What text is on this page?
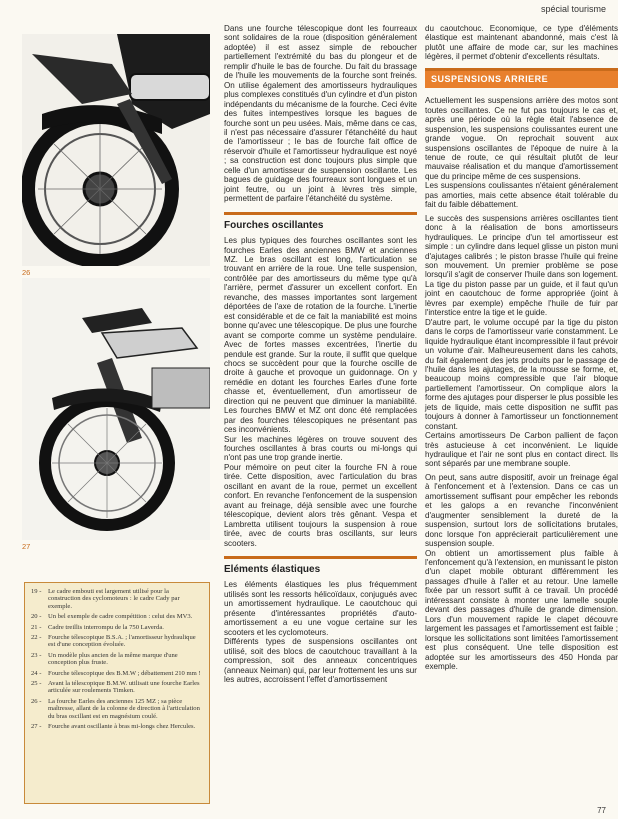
spécial tourisme
26
27
19 - Le cadre embouti est largement utilisé pour la construction des cyclomoteurs : le cadre Cady par exemple.
20 - Un bel exemple de cadre compétition : celui des MV3.
21 - Cadre treillis interrompu de la 750 Laverda.
22 - Fourche télescopique B.S.A. ; l'amortisseur hydraulique est d'une conception évoluée.
23 - Un modèle plus ancien de la même marque d'une conception plus fruste.
24 - Fourche télescopique des B.M.W ; débattement 210 mm !
25 - Avant la télescopique B.M.W. utilisait une fourche Earles articulée sur roulements Timken.
26 - La fourche Earles des anciennes 125 MZ ; sa pièce maîtresse, allant de la colonne de direction à l'articulation du bras oscillant est en magnésium coulé.
27 - Fourche avant oscillante à bras mi-longs chez Hercules.

Dans une fourche télescopique dont les fourreaux sont solidaires de la roue (disposition généralement adoptée) il est assez simple de reboucher partiellement l'extrémité du bas du plongeur et de remplir d'huile le bas de fourche. Du fait du brassage de l'huile les mouvements de la fourche sont freinés. On utilise également des amortisseurs hydrauliques plus complexes constitués d'un cylindre et d'un piston indépendants du mécanisme de la fourche. Ceci évite des fuites intempestives lorsque les bagues de fourche sont un peu usées. Mais, même dans ce cas, il n'est pas nécessaire d'assurer l'étanchéité du haut de l'amortisseur ; le bas de fourche fait office de réservoir d'huile et l'amortisseur hydraulique est noyé ; sa construction est donc toujours plus simple que celle d'un amortisseur de suspension oscillante. Les bagues de guidage des fourreaux sont longues et un joint feutre, ou un joint à lèvres très simple, permettent de parfaire l'étanchéité du système.

Fourches oscillantes

Les plus typiques des fourches oscillantes sont les fourches Earles des anciennes BMW et anciennes MZ. Le bras oscillant est long, l'articulation se trouvant en arrière de la roue. Une telle suspension, contrôlée par des amortisseurs du même type qu'à l'arrière, permet d'assurer un excellent confort. En revanche, des masses importantes sont largement déportées de l'axe de rotation de la fourche. L'inertie est considérable et de ce fait la maniabilité est moins bonne qu'avec une télescopique. De plus une fourche avant se comporte comme un système pendulaire. Avec de fortes masses excentrées, l'inertie du pendule est grande. Sur la route, il suffit que quelque chocs se succèdent pour que la fourche oscille de droite à gauche et provoque un guidonnage. On y remédie en dotant les fourches Earles d'une forte chasse et, éventuellement, d'un amortisseur de direction qui ne peuvent que diminuer la maniabilité. Les fourches BMW et MZ ont donc été remplacées par des fourches télescopiques ne présentant pas ces inconvénients.

Sur les machines légères on trouve souvent des fourches oscillantes à bras courts ou mi-longs qui n'ont pas une trop grande inertie.

Pour mémoire on peut citer la fourche FN à roue tirée. Cette disposition, avec l'articulation du bras oscillant en avant de la roue, permet un excellent confort. En revanche l'enfoncement de la suspension avant au freinage, déjà sensible avec une fourche télescopique, devient alors très gênant. Vespa et Lambretta utilisent toujours la suspension à roue tirée, avec de courts bras oscillants, sur leurs scooters.

Eléments élastiques

Les éléments élastiques les plus fréquemment utilisés sont les ressorts hélicoïdaux, conjugués avec un amortissement hydraulique. Le caoutchouc qui présente d'intéressantes propriétés d'auto-amortissement a eu une vogue certaine sur les scooters et les cyclomoteurs.

Différents types de suspensions oscillantes ont utilisé, soit des blocs de caoutchouc travaillant à la compression, soit des anneaux concentriques (anneaux Neiman) qui, par leur frottement les uns sur les autres, accroissent l'effet d'amortissement

du caoutchouc. Economique, ce type d'éléments élastique est maintenant abandonné, mais c'est là plutôt une affaire de mode car, sur les machines légères, il permet d'obtenir d'excellents résultats.

SUSPENSIONS ARRIERE

Actuellement les suspensions arrière des motos sont toutes oscillantes. Ce ne fut pas toujours le cas et, après une période où la règle était l'absence de suspension, les suspensions coulissantes eurent une grande vogue. On reprochait souvent aux suspensions oscillantes de l'époque de nuire à la tenue de route, ce qui résultait plutôt de leur mauvaise réalisation et du manque d'amortissement que du principe même de ces suspensions.

Les suspensions coulissantes n'étaient généralement pas amorties, mais cette absence était tolérable du fait du faible débattement.

Le succès des suspensions arrières oscillantes tient donc à la réalisation de bons amortisseurs hydrauliques. Le principe d'un tel amortisseur est simple : un cylindre dans lequel glisse un piston muni d'ajutages calibrés ; le piston brasse l'huile qui freine son mouvement. Un premier problème se pose lorsqu'il s'agit de conserver l'huile dans son logement. La tige du piston passe par un guide, et il faut qu'un joint en caoutchouc de forme appropriée (joint à lèvres par exemple) empêche l'huile de fuir par l'interstice entre la tige et le guide.

D'autre part, le volume occupé par la tige du piston dans le corps de l'amortisseur varie constamment. Le liquide hydraulique étant incompressible il faut prévoir un volume d'air. Malheureusement dans les cahots, du fait également des jets produits par le passage de l'huile dans les ajutages, de la mousse se forme, et, beaucoup moins compressible que l'air bloque partiellement l'amortisseur. On complique alors la forme des ajutages pour disperser le plus possible les jets de liquide, mais cette disposition ne suffit pas toujours à donner à l'amortisseur un fonctionnement constant.

Certains amortisseurs De Carbon pallient de façon très astucieuse à cet inconvénient. Le liquide hydraulique et l'air ne sont plus en contact direct. Ils sont séparés par une membrane souple.

On peut, sans autre dispositif, avoir un freinage égal à l'enfoncement et à l'extension. Dans ce cas un amortissement suffisant pour empêcher les rebonds et les galops a en revanche l'inconvénient d'augmenter sensiblement la dureté de la suspension, surtout lors de sollicitations brutales, donc lorsque l'on apprécierait particulièrement une suspension souple.

On obtient un amortissement plus faible à l'enfoncement qu'à l'extension, en munissant le piston d'un clapet mobile obturant différemment les passages d'huile à l'aller et au retour. Une lamelle fixée par un ressort suffit à ce travail. Un procédé intéressant consiste à monter une lamelle souple devant des passages d'huile de grande dimension. Lors d'un mouvement rapide le clapet découvre largement les passages et l'amortissement est faible ; lorsque les sollicitations sont limitées l'amortissement est plus conséquent. Une telle disposition est adoptée sur les amortisseurs des 450 Honda par exemple.

77
